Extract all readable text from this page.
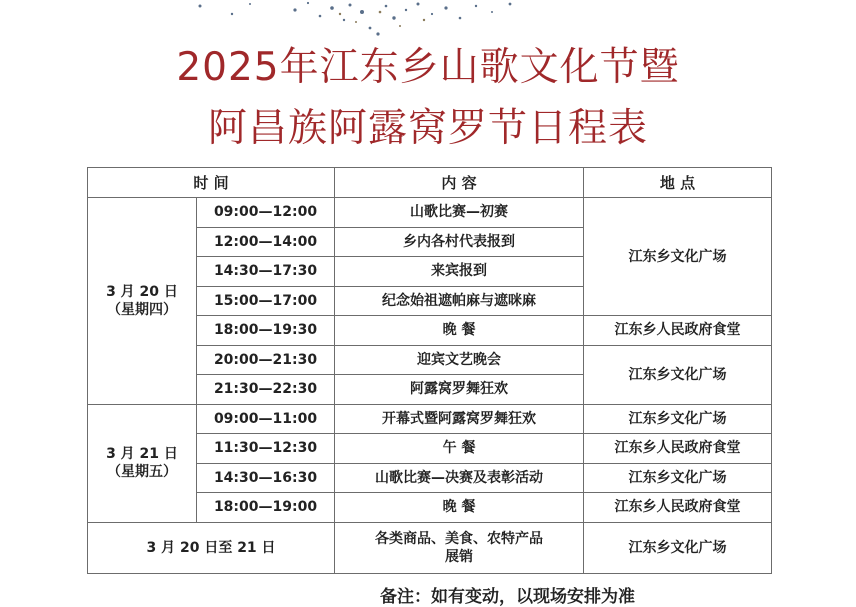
2025年江东乡山歌文化节暨
阿昌族阿露窝罗节日程表
时 间		内 容	地 点

3 月 20 日
（星期四）	09:00—12:00	山歌比赛—初赛	江东乡文化广场
	12:00—14:00	乡内各村代表报到	
	14:30—17:30	来宾报到	
	15:00—17:00	纪念始祖遮帕麻与遮咪麻	
	18:00—19:30	晚 餐	江东乡人民政府食堂
	20:00—21:30	迎宾文艺晚会	江东乡文化广场
	21:30—22:30	阿露窝罗舞狂欢	

3 月 21 日
（星期五）	09:00—11:00	开幕式暨阿露窝罗舞狂欢	江东乡文化广场
	11:30—12:30	午 餐	江东乡人民政府食堂
	14:30—16:30	山歌比赛—决赛及表彰活动	江东乡文化广场
	18:00—19:00	晚 餐	江东乡人民政府食堂
3 月 20 日至 21 日		各类商品、美食、农特产品
展销	江东乡文化广场
备注：如有变动，以现场安排为准
